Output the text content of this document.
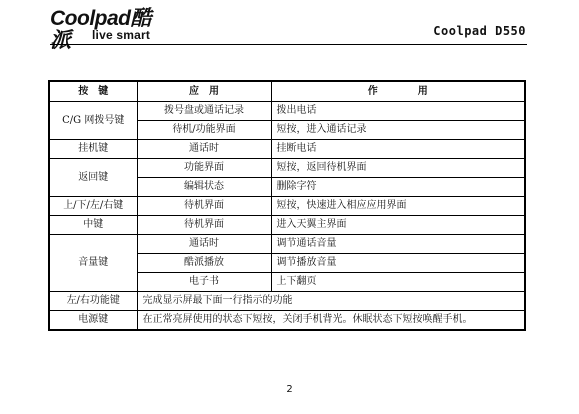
Coolpad酷派	live smart	Coolpad D550
按　键	应　用	作　　　　用
C/G 网拨号键	拨号盘或通话记录	拨出电话
	待机/功能界面	短按，进入通话记录
挂机键	通话时	挂断电话
返回键	功能界面	短按，返回待机界面
	编辑状态	删除字符
上/下/左/右键	待机界面	短按，快速进入相应应用界面
中键	待机界面	进入天翼主界面
音量键	通话时	调节通话音量
	酷派播放	调节播放音量
	电子书	上下翻页
左/右功能键	完成显示屏最下面一行指示的功能	
电源键	在正常亮屏使用的状态下短按，关闭手机背光。休眠状态下短按唤醒手机。	
2
